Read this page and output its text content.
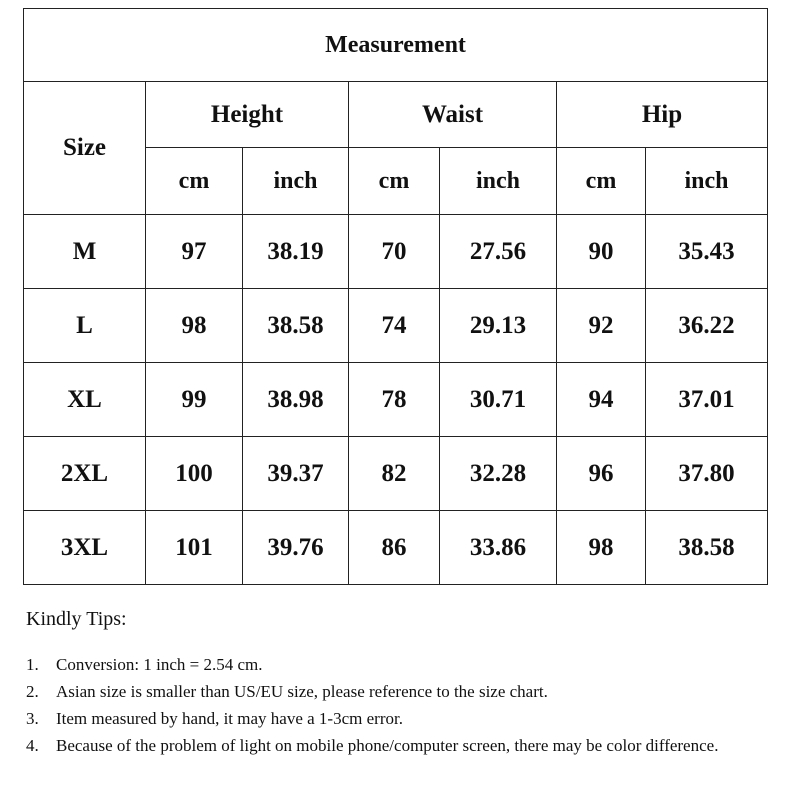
Measurement						
Size	Height		Waist		Hip	
	cm	inch	cm	inch	cm	inch
M	97	38.19	70	27.56	90	35.43
L	98	38.58	74	29.13	92	36.22
XL	99	38.98	78	30.71	94	37.01
2XL	100	39.37	82	32.28	96	37.80
3XL	101	39.76	86	33.86	98	38.58

Kindly Tips:

1.	Conversion: 1 inch = 2.54 cm.
2.	Asian size is smaller than US/EU size, please reference to the size chart.
3.	Item measured by hand, it may have a 1-3cm error.
4.	Because of the problem of light on mobile phone/computer screen, there may be color difference.
